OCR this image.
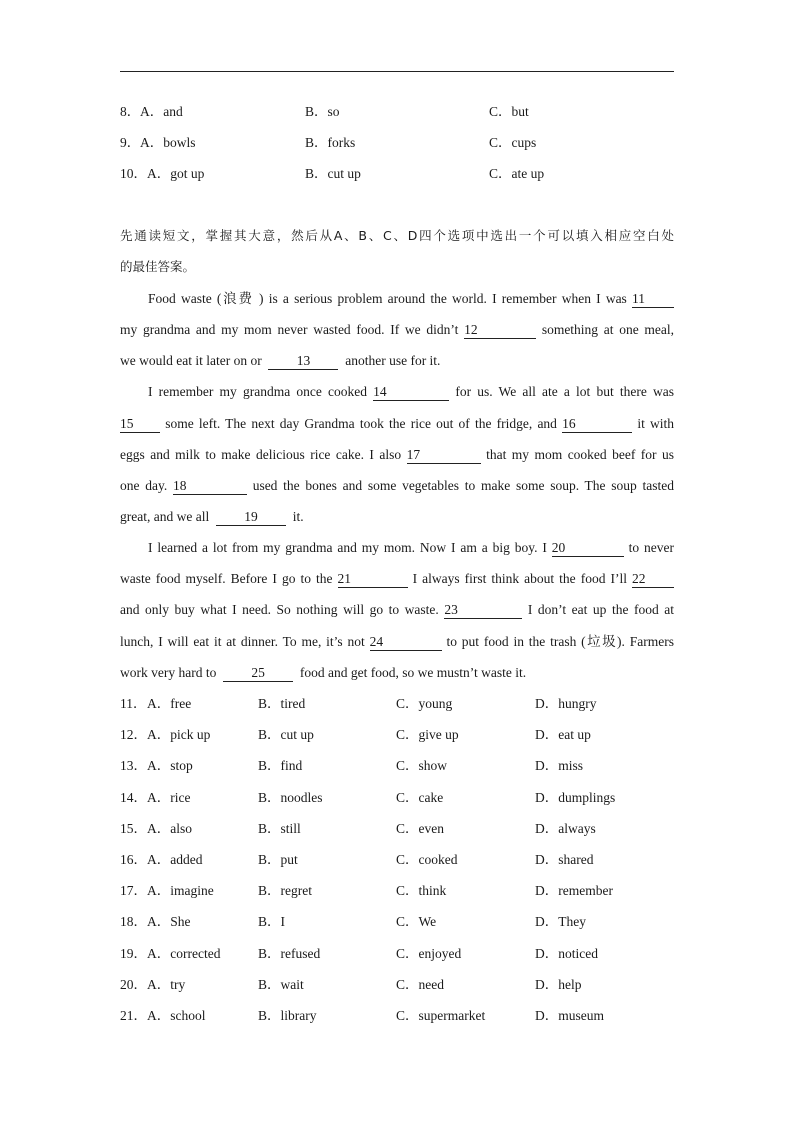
8． A．and	B．so	C．but
9． A．bowls	B．forks	C．cups
10． A．got up	B．cut up	C．ate up
先通读短文，掌握其大意，然后从A、B、C、D四个选项中选出一个可以填入相应空白处
的最佳答案。
Food waste (浪费 ) is a serious problem around the world. I remember when I was 11
my grandma and my mom never wasted food. If we didn’t 12	something at one meal,
we would eat it later on or	13	another use for it.
I remember my grandma once cooked 14	for us. We all ate a lot but there was
15 some left. The next day Grandma took the rice out of the fridge, and 16	it with
eggs and milk to make delicious rice cake. I also 17	that my mom cooked beef for us
one day. 18	used the bones and some vegetables to make some soup. The soup tasted
great, and we all	19	it.
I learned a lot from my grandma and my mom. Now I am a big boy. I 20	to never
waste food myself. Before I go to the 21	I always first think about the food I’ll 22
and only buy what I need. So nothing will go to waste. 23	I don’t eat up the food at
lunch, I will eat it at dinner. To me, it’s not 24	to put food in the trash (垃圾). Farmers
work very hard to	25	food and get food, so we mustn’t waste it.
11． A．free	B．tired	C．young	D．hungry
12． A．pick up	B．cut up	C．give up	D．eat up
13． A．stop	B．find	C．show	D．miss
14． A．rice	B．noodles	C．cake	D．dumplings
15． A．also	B．still	C．even	D．always
16． A．added	B．put	C．cooked	D．shared
17． A．imagine	B．regret	C．think	D．remember
18． A．She	B．I	C．We	D．They
19． A．corrected	B．refused	C．enjoyed	D．noticed
20． A．try	B．wait	C．need	D．help
21． A．school	B．library	C．supermarket	D．museum
